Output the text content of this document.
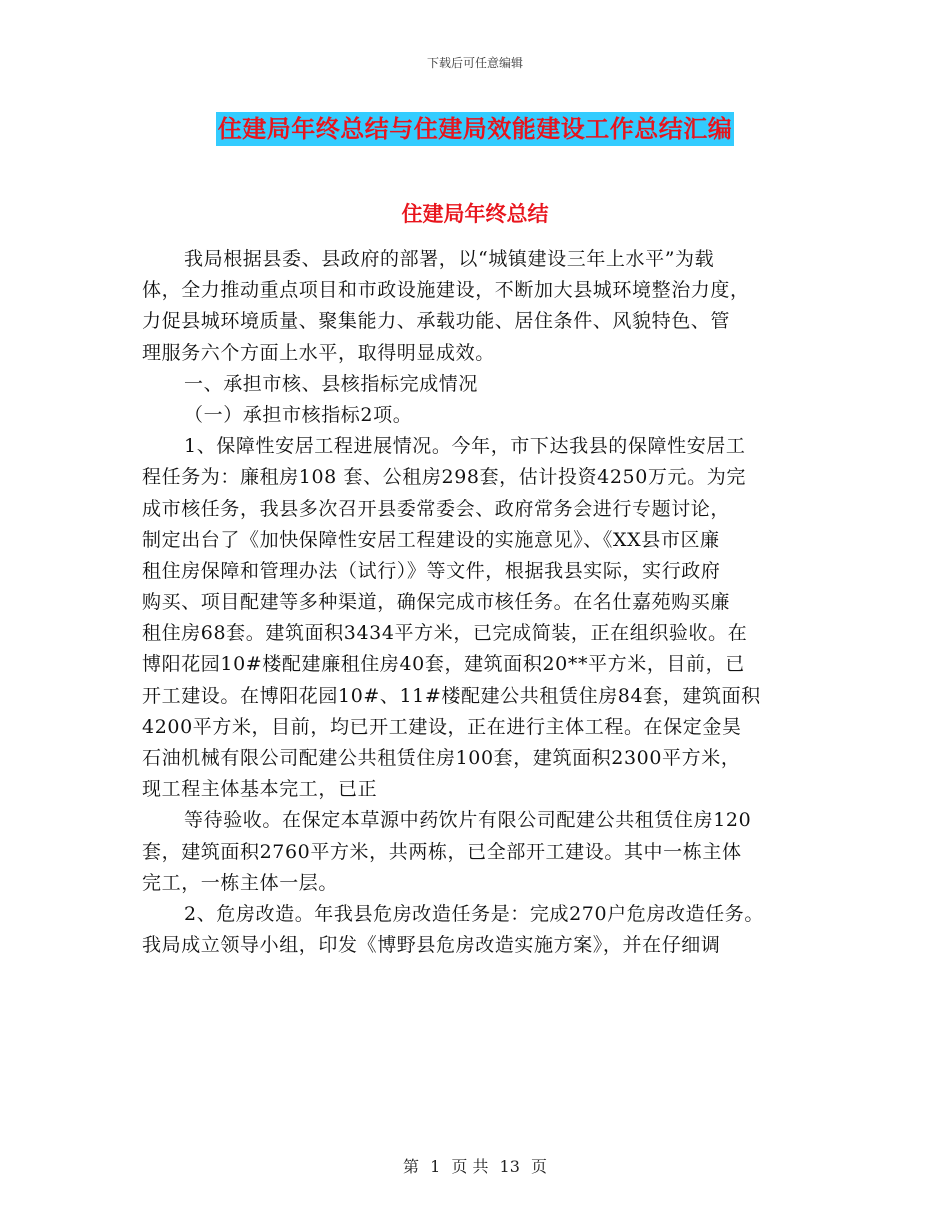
下载后可任意编辑
住建局年终总结与住建局效能建设工作总结汇编
住建局年终总结
我局根据县委、县政府的部署，以“城镇建设三年上水平”为载
体，全力推动重点项目和市政设施建设，不断加大县城环境整治力度，
力促县城环境质量、聚集能力、承载功能、居住条件、风貌特色、管
理服务六个方面上水平，取得明显成效。
一、承担市核、县核指标完成情况
（一）承担市核指标2项。
1、保障性安居工程进展情况。今年，市下达我县的保障性安居工
程任务为：廉租房108 套、公租房298套，估计投资4250万元。为完
成市核任务，我县多次召开县委常委会、政府常务会进行专题讨论，
制定出台了《加快保障性安居工程建设的实施意见》、《XX县市区廉
租住房保障和管理办法（试行）》等文件，根据我县实际，实行政府
购买、项目配建等多种渠道，确保完成市核任务。在名仕嘉苑购买廉
租住房68套。建筑面积3434平方米，已完成简装，正在组织验收。在
博阳花园10#楼配建廉租住房40套，建筑面积20**平方米，目前，已
开工建设。在博阳花园10#、11#楼配建公共租赁住房84套，建筑面积
4200平方米，目前，均已开工建设，正在进行主体工程。在保定金昊
石油机械有限公司配建公共租赁住房100套，建筑面积2300平方米，
现工程主体基本完工，已正
等待验收。在保定本草源中药饮片有限公司配建公共租赁住房120
套，建筑面积2760平方米，共两栋，已全部开工建设。其中一栋主体
完工，一栋主体一层。
2、危房改造。年我县危房改造任务是：完成270户危房改造任务。
我局成立领导小组，印发《博野县危房改造实施方案》，并在仔细调
第 1 页 共 13 页
